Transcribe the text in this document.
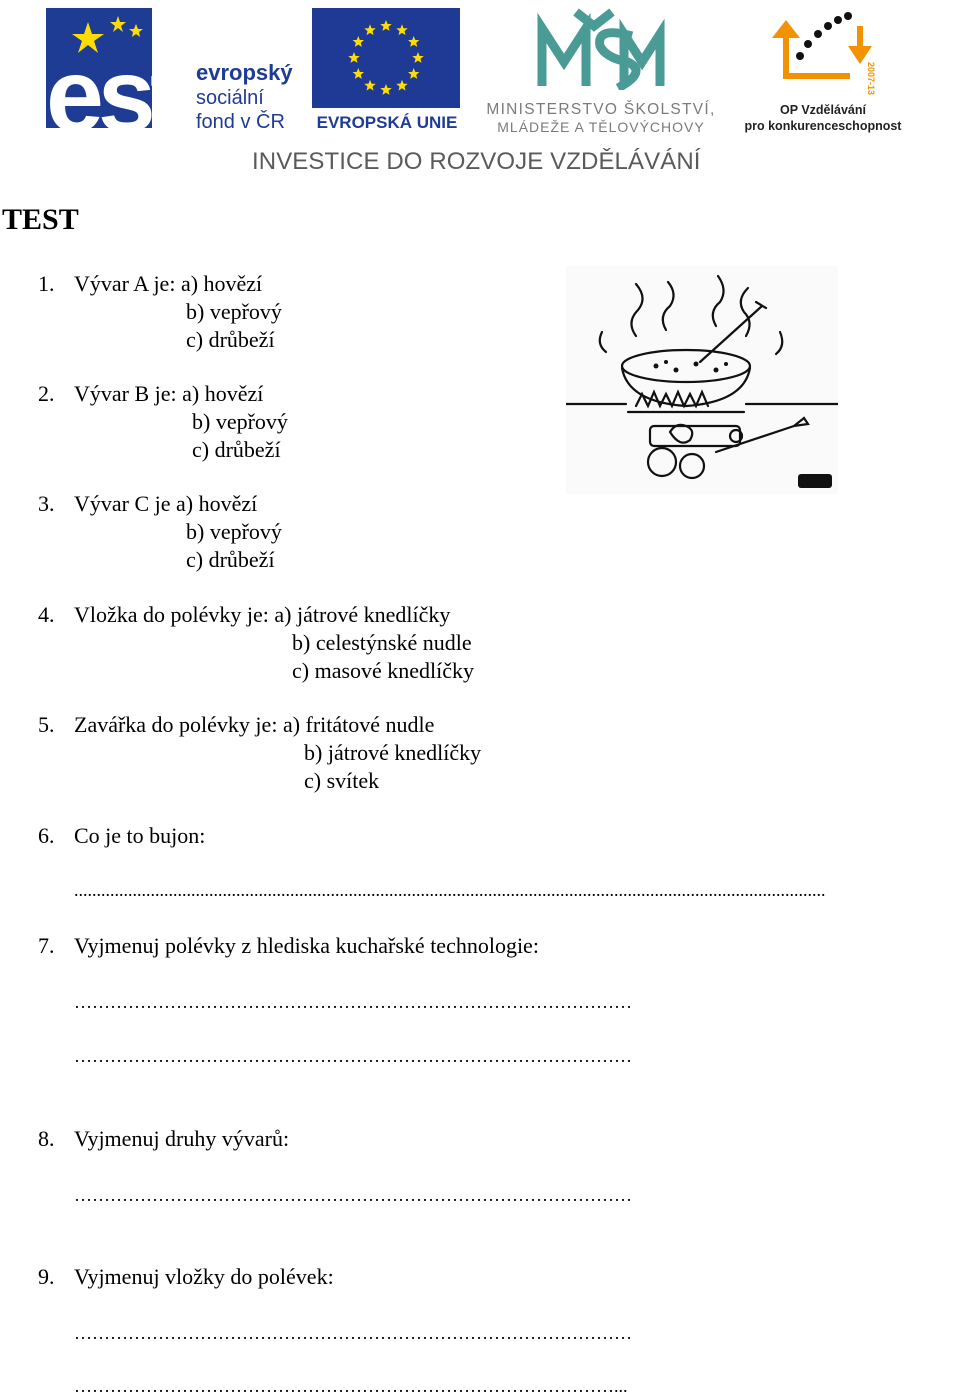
esf evropský
sociální
fond v ČR EVROPSKÁ UNIE
MINISTERSTVO ŠKOLSTVÍ,
MLÁDEŽE A TĚLOVÝCHOVY
2007-13
OP Vzdělávání
pro konkurenceschopnost
INVESTICE DO ROZVOJE VZDĚLÁVÁNÍ
TEST
1. Vývar A je: a) hovězí
b) vepřový
c) drůbeží
2. Vývar B je: a) hovězí
b) vepřový
c) drůbeží
3. Vývar C je a) hovězí
b) vepřový
c) drůbeží
4. Vložka do polévky je: a) játrové knedlíčky
b) celestýnské nudle
c) masové knedlíčky
5. Zavářka do polévky je: a) fritátové nudle
b) játrové knedlíčky
c) svítek
6. Co je to bujon:
.......................................................................................................................................................................
7. Vyjmenuj polévky z hlediska kuchařské technologie:
…………………………………………………………………………………
…………………………………………………………………………………
8. Vyjmenuj druhy vývarů:
…………………………………………………………………………………
9. Vyjmenuj vložky do polévek:
…………………………………………………………………………………
………………………………………………………………………………...
